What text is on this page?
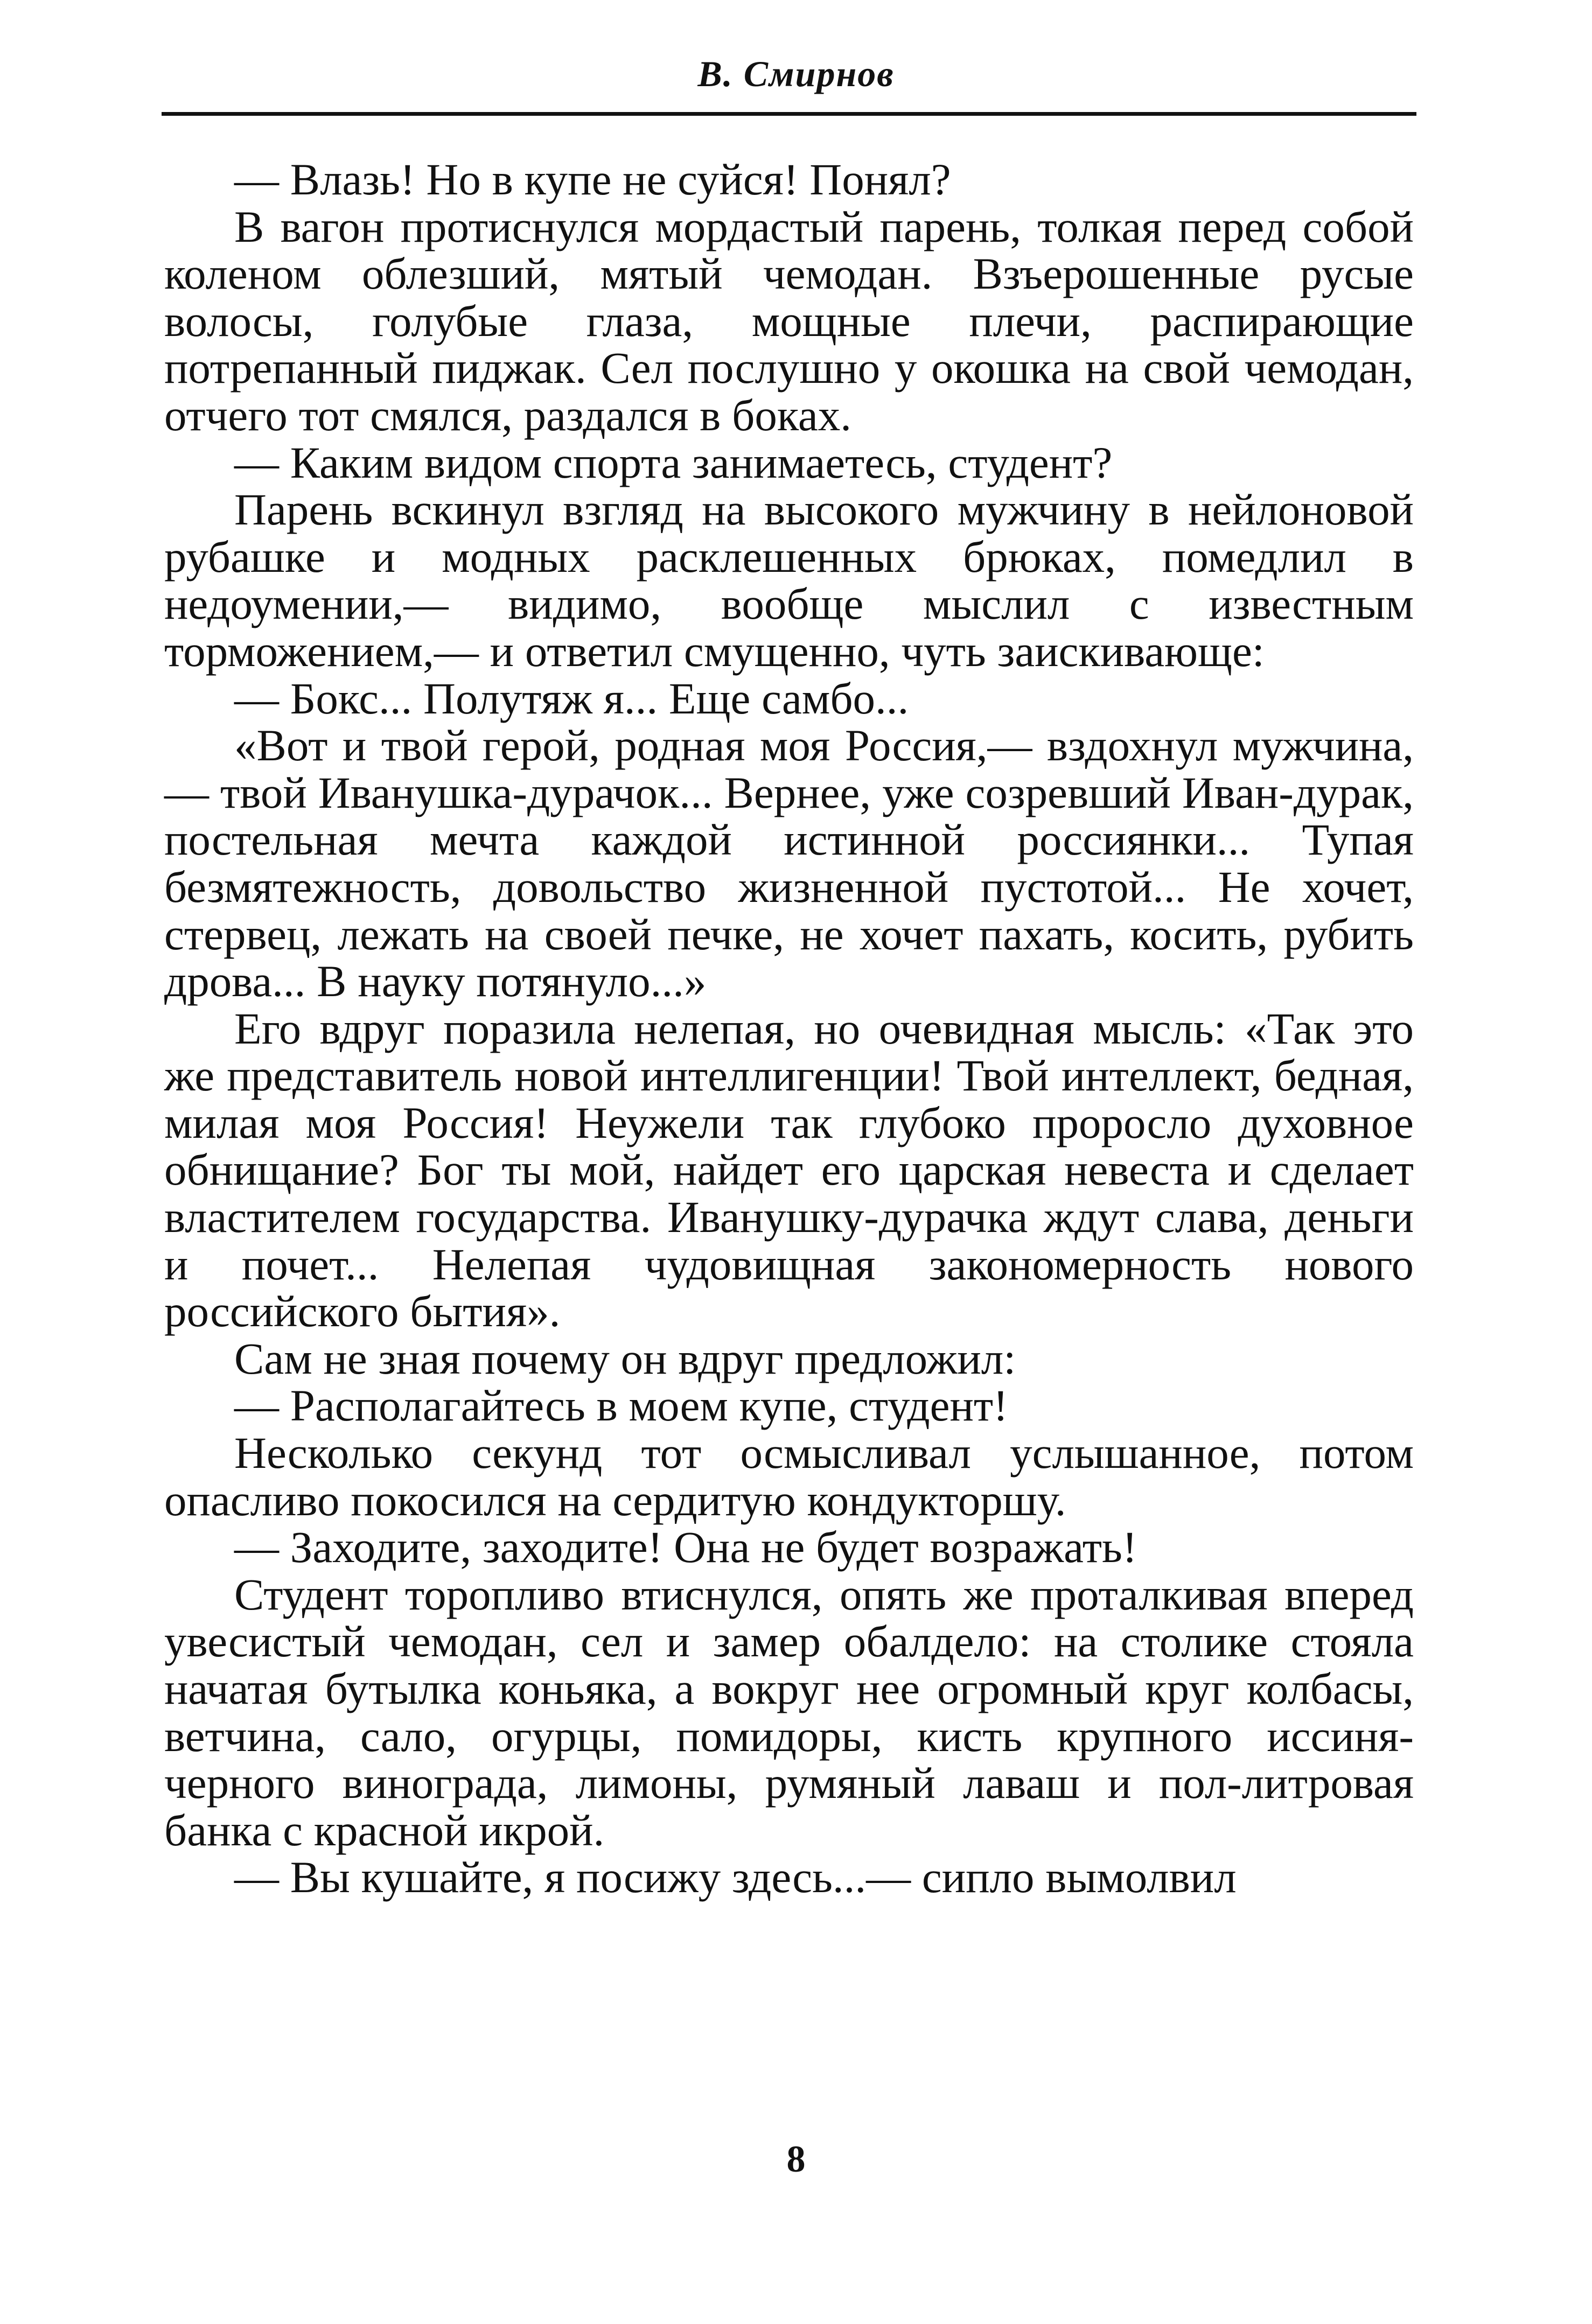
В. Смирнов

— Влазь! Но в купе не суйся! Понял?

В вагон протиснулся мордастый парень, толкая перед собой коленом облезший, мятый чемодан. Взъерошенные русые волосы, голубые глаза, мощные плечи, распирающие потрепанный пиджак. Сел послушно у окошка на свой чемодан, отчего тот смялся, раздался в боках.

— Каким видом спорта занимаетесь, студент?

Парень вскинул взгляд на высокого мужчину в нейлоновой рубашке и модных расклешенных брюках, помедлил в недоумении,— видимо, вообще мыслил с известным торможением,— и ответил смущенно, чуть заискивающе:

— Бокс... Полутяж я... Еще самбо...

«Вот и твой герой, родная моя Россия,— вздохнул мужчина,— твой Иванушка-дурачок... Вернее, уже созревший Иван-дурак, постельная мечта каждой истинной россиянки... Тупая безмятежность, довольство жизненной пустотой... Не хочет, стервец, лежать на своей печке, не хочет пахать, косить, рубить дрова... В науку потянуло...»

Его вдруг поразила нелепая, но очевидная мысль: «Так это же представитель новой интеллигенции! Твой интеллект, бедная, милая моя Россия! Неужели так глубоко проросло духовное обнищание? Бог ты мой, найдет его царская невеста и сделает властителем государства. Иванушку-дурачка ждут слава, деньги и почет... Нелепая чудовищная закономерность нового российского бытия».

Сам не зная почему он вдруг предложил:

— Располагайтесь в моем купе, студент!

Несколько секунд тот осмысливал услышанное, потом опасливо покосился на сердитую кондукторшу.

— Заходите, заходите! Она не будет возражать!

Студент торопливо втиснулся, опять же проталкивая вперед увесистый чемодан, сел и замер обалдело: на столике стояла начатая бутылка коньяка, а вокруг нее огромный круг колбасы, ветчина, сало, огурцы, помидоры, кисть крупного иссиня-черного винограда, лимоны, румяный лаваш и пол-литровая банка с красной икрой.

— Вы кушайте, я посижу здесь...— сипло вымолвил

8
